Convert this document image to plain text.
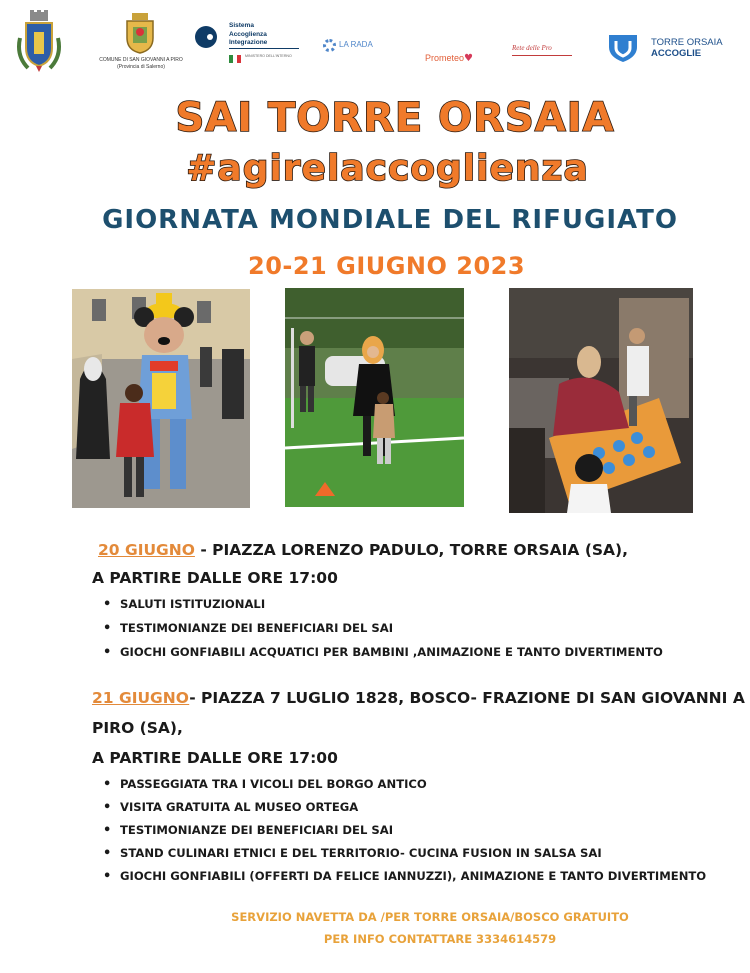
COMUNE DI SAN GIOVANNI A PIRO
(Provincia di Salerno)
Sistema
Accoglienza
Integrazione
MINISTERO DELL'INTERNO
LA RADA
Prometeo♥
Rete delle Pro	TORRE ORSAIA
ACCOGLIE
SAI TORRE ORSAIA
#agirelaccoglienza
GIORNATA MONDIALE DEL RIFUGIATO
20-21 GIUGNO 2023
20 GIUGNO - PIAZZA LORENZO PADULO, TORRE ORSAIA (SA),
A PARTIRE DALLE ORE 17:00
• SALUTI ISTITUZIONALI
• TESTIMONIANZE DEI BENEFICIARI DEL SAI
• GIOCHI GONFIABILI ACQUATICI PER BAMBINI ,ANIMAZIONE E TANTO DIVERTIMENTO
21 GIUGNO- PIAZZA 7 LUGLIO 1828, BOSCO- FRAZIONE DI SAN GIOVANNI A
PIRO (SA),
A PARTIRE DALLE ORE 17:00
• PASSEGGIATA TRA I VICOLI DEL BORGO ANTICO
• VISITA GRATUITA AL MUSEO ORTEGA
• TESTIMONIANZE DEI BENEFICIARI DEL SAI
• STAND CULINARI ETNICI E DEL TERRITORIO- CUCINA FUSION IN SALSA SAI
• GIOCHI GONFIABILI (OFFERTI DA FELICE IANNUZZI), ANIMAZIONE E TANTO DIVERTIMENTO
SERVIZIO NAVETTA DA /PER TORRE ORSAIA/BOSCO GRATUITO
PER INFO CONTATTARE 3334614579
